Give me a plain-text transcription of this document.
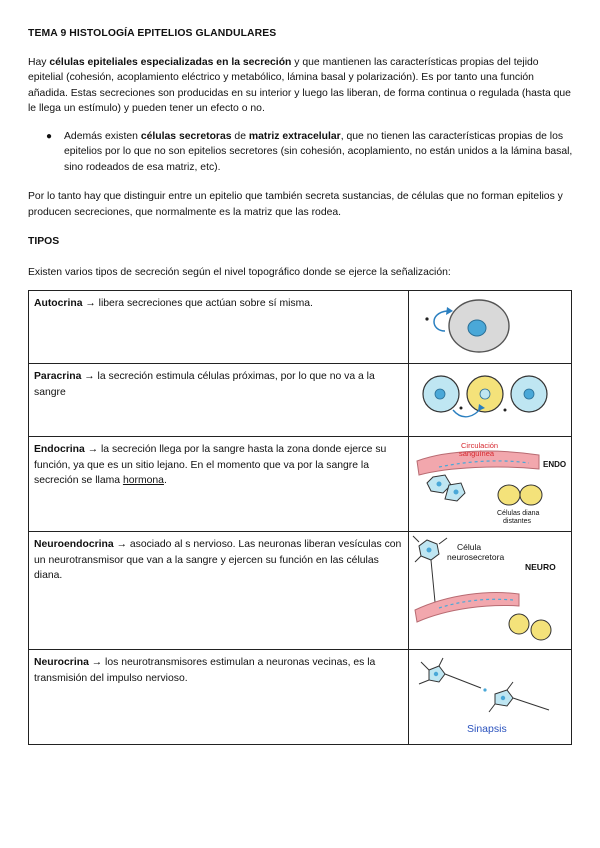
TEMA 9 HISTOLOGÍA EPITELIOS GLANDULARES

Hay células epiteliales especializadas en la secreción y que mantienen las características propias del tejido epitelial (cohesión, acoplamiento eléctrico y metabólico, lámina basal y polarización). Es por tanto una función añadida. Estas secreciones son producidas en su interior y luego las liberan, de forma continua o regulada (hasta que le llega un estímulo) y pueden tener un efecto o no.

● Además existen células secretoras de matriz extracelular, que no tienen las características propias de los epitelios por lo que no son epitelios secretores (sin cohesión, acoplamiento, no están unidos a la lámina basal, sino rodeados de esa matriz, etc).

Por lo tanto hay que distinguir entre un epitelio que también secreta sustancias, de células que no forman epitelios y producen secreciones, que normalmente es la matriz que las rodea.

TIPOS

Existen varios tipos de secreción según el nivel topográfico donde se ejerce la señalización:

Autocrina → libera secreciones que actúan sobre sí misma.	

Paracrina → la secreción estimula células próximas, por lo que no va a la sangre	

Endocrina → la secreción llega por la sangre hasta la zona donde ejerce su función, ya que es un sitio lejano. En el momento que va por la sangre la secreción se llama hormona.	Circulación
sanguínea
ENDO
Células diana
distantes

Neuroendocrina → asociado al s nervioso. Las neuronas liberan vesículas con un neurotransmisor que van a la sangre y ejercen su función en las células diana.	Célula
neurosecretora
NEURO

Neurocrina → los neurotransmisores estimulan a neuronas vecinas, es la transmisión del impulso nervioso.	Sinapsis
